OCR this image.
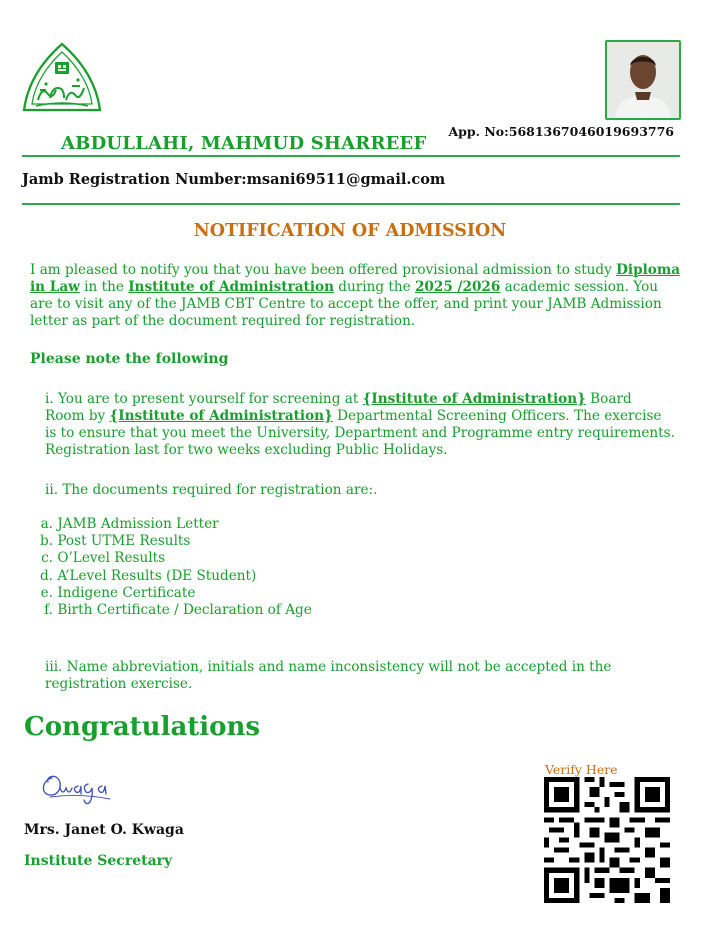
App. No:5681367046019693776
ABDULLAHI, MAHMUD SHARREEF
Jamb Registration Number:msani69511@gmail.com
NOTIFICATION OF ADMISSION
I am pleased to notify you that you have been offered provisional admission to study Diploma in Law in the Institute of Administration during the 2025 /2026 academic session. You are to visit any of the JAMB CBT Centre to accept the offer, and print your JAMB Admission letter as part of the document required for registration.
Please note the following
i. You are to present yourself for screening at {Institute of Administration} Board Room by {Institute of Administration} Departmental Screening Officers. The exercise is to ensure that you meet the University, Department and Programme entry requirements. Registration last for two weeks excluding Public Holidays.
ii. The documents required for registration are:.
a. JAMB Admission Letter
b. Post UTME Results
c. O’Level Results
d. A’Level Results (DE Student)
e. Indigene Certificate
f. Birth Certificate / Declaration of Age
iii. Name abbreviation, initials and name inconsistency will not be accepted in the registration exercise.
Congratulations
Mrs. Janet O. Kwaga
Institute Secretary
Verify Here
